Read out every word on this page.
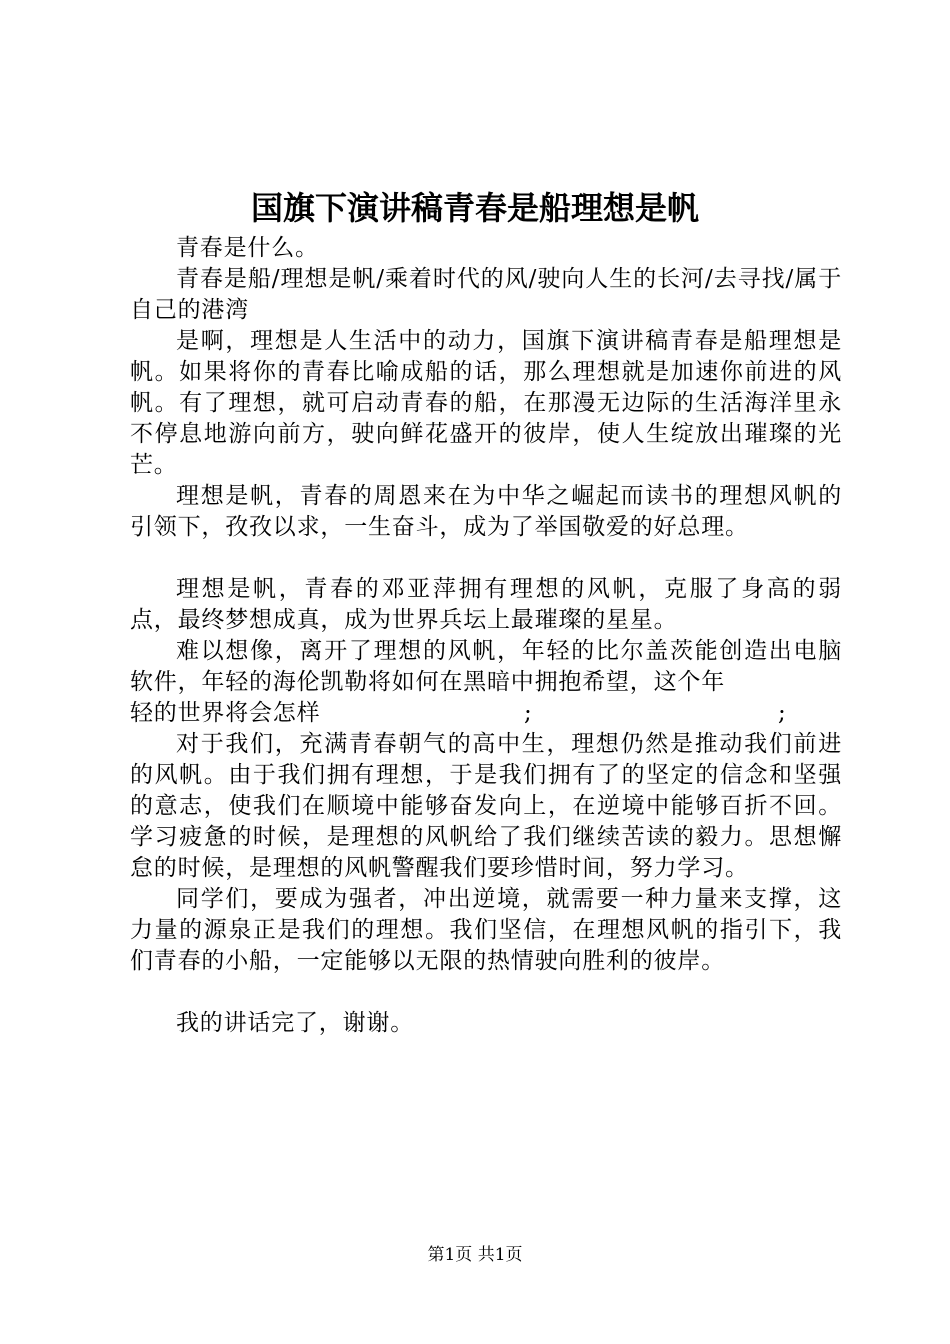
国旗下演讲稿青春是船理想是帆

青春是什么。

青春是船/理想是帆/乘着时代的风/驶向人生的长河/去寻找/属于自己的港湾

是啊，理想是人生活中的动力，国旗下演讲稿青春是船理想是帆。如果将你的青春比喻成船的话，那么理想就是加速你前进的风帆。有了理想，就可启动青春的船，在那漫无边际的生活海洋里永不停息地游向前方，驶向鲜花盛开的彼岸，使人生绽放出璀璨的光芒。

理想是帆，青春的周恩来在为中华之崛起而读书的理想风帆的引领下，孜孜以求，一生奋斗，成为了举国敬爱的好总理。

理想是帆，青春的邓亚萍拥有理想的风帆，克服了身高的弱点，最终梦想成真，成为世界兵坛上最璀璨的星星。

难以想像，离开了理想的风帆，年轻的比尔盖茨能创造出电脑软件，年轻的海伦凯勒将如何在黑暗中拥抱希望，这个年

轻的世界将会怎样	;	;

对于我们，充满青春朝气的高中生，理想仍然是推动我们前进的风帆。由于我们拥有理想，于是我们拥有了的坚定的信念和坚强的意志，使我们在顺境中能够奋发向上，在逆境中能够百折不回。学习疲惫的时候，是理想的风帆给了我们继续苦读的毅力。思想懈怠的时候，是理想的风帆警醒我们要珍惜时间，努力学习。

同学们，要成为强者，冲出逆境，就需要一种力量来支撑，这力量的源泉正是我们的理想。我们坚信，在理想风帆的指引下，我们青春的小船，一定能够以无限的热情驶向胜利的彼岸。

我的讲话完了，谢谢。

第1页 共1页
